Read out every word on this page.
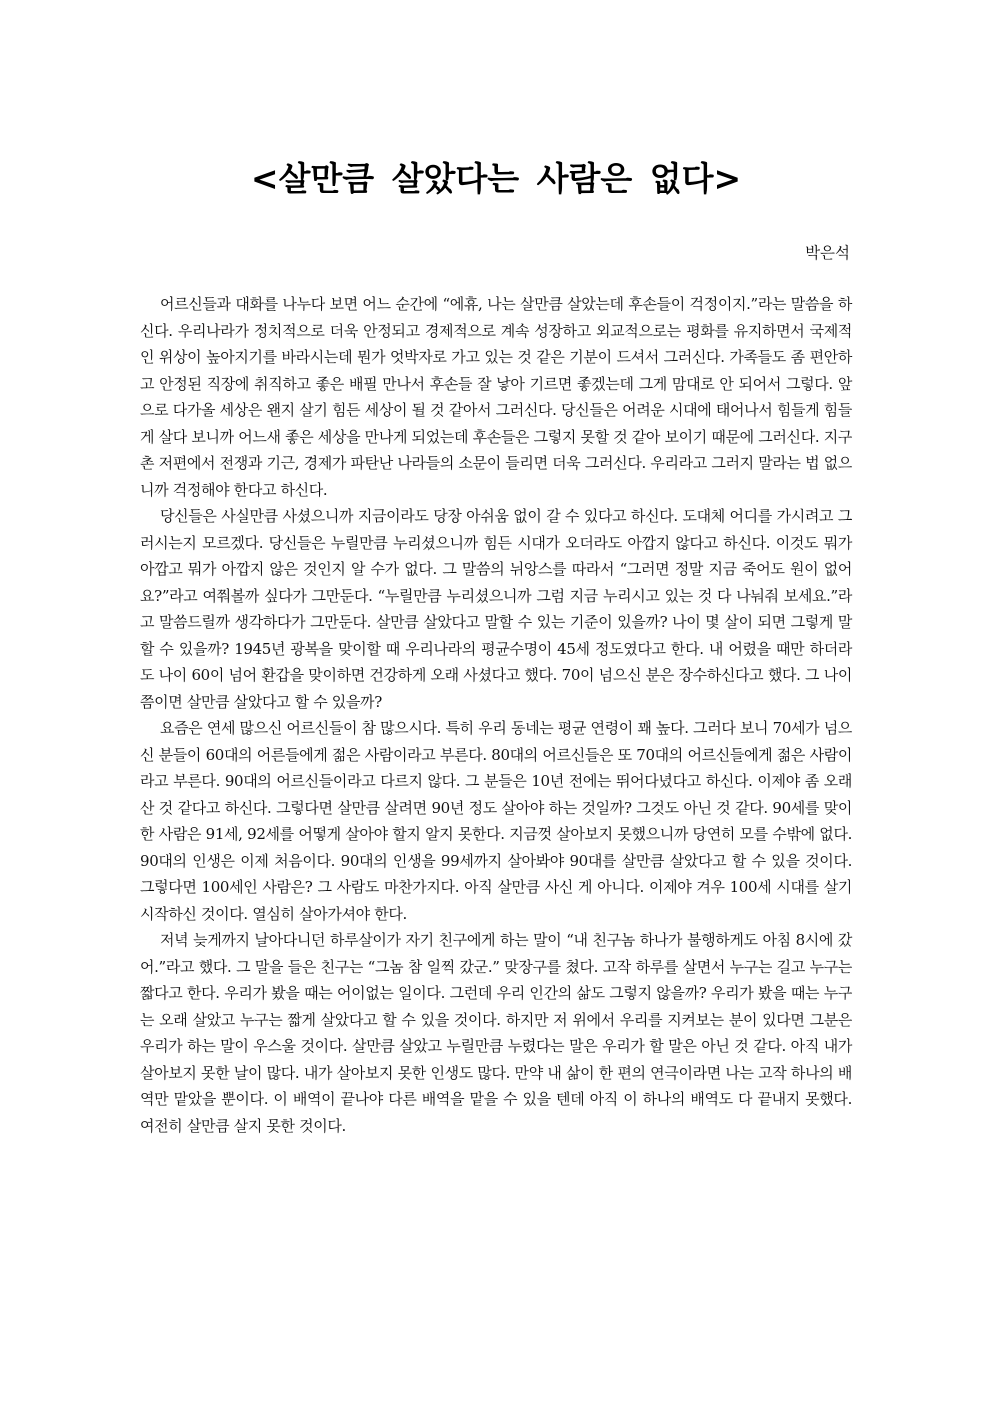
<살만큼 살았다는 사람은 없다>

박은석

어르신들과 대화를 나누다 보면 어느 순간에 “에휴, 나는 살만큼 살았는데 후손들이 걱정이지.”라는 말씀을 하신다. 우리나라가 정치적으로 더욱 안정되고 경제적으로 계속 성장하고 외교적으로는 평화를 유지하면서 국제적인 위상이 높아지기를 바라시는데 뭔가 엇박자로 가고 있는 것 같은 기분이 드셔서 그러신다. 가족들도 좀 편안하고 안정된 직장에 취직하고 좋은 배필 만나서 후손들 잘 낳아 기르면 좋겠는데 그게 맘대로 안 되어서 그렇다. 앞으로 다가올 세상은 왠지 살기 힘든 세상이 될 것 같아서 그러신다. 당신들은 어려운 시대에 태어나서 힘들게 힘들게 살다 보니까 어느새 좋은 세상을 만나게 되었는데 후손들은 그렇지 못할 것 같아 보이기 때문에 그러신다. 지구촌 저편에서 전쟁과 기근, 경제가 파탄난 나라들의 소문이 들리면 더욱 그러신다. 우리라고 그러지 말라는 법 없으니까 걱정해야 한다고 하신다.

당신들은 사실만큼 사셨으니까 지금이라도 당장 아쉬움 없이 갈 수 있다고 하신다. 도대체 어디를 가시려고 그러시는지 모르겠다. 당신들은 누릴만큼 누리셨으니까 힘든 시대가 오더라도 아깝지 않다고 하신다. 이것도 뭐가 아깝고 뭐가 아깝지 않은 것인지 알 수가 없다. 그 말씀의 뉘앙스를 따라서 “그러면 정말 지금 죽어도 원이 없어요?”라고 여쭤볼까 싶다가 그만둔다. “누릴만큼 누리셨으니까 그럼 지금 누리시고 있는 것 다 나눠줘 보세요.”라고 말씀드릴까 생각하다가 그만둔다. 살만큼 살았다고 말할 수 있는 기준이 있을까? 나이 몇 살이 되면 그렇게 말할 수 있을까? 1945년 광복을 맞이할 때 우리나라의 평균수명이 45세 정도였다고 한다. 내 어렸을 때만 하더라도 나이 60이 넘어 환갑을 맞이하면 건강하게 오래 사셨다고 했다. 70이 넘으신 분은 장수하신다고 했다. 그 나이쯤이면 살만큼 살았다고 할 수 있을까?

요즘은 연세 많으신 어르신들이 참 많으시다. 특히 우리 동네는 평균 연령이 꽤 높다. 그러다 보니 70세가 넘으신 분들이 60대의 어른들에게 젊은 사람이라고 부른다. 80대의 어르신들은 또 70대의 어르신들에게 젊은 사람이라고 부른다. 90대의 어르신들이라고 다르지 않다. 그 분들은 10년 전에는 뛰어다녔다고 하신다. 이제야 좀 오래 산 것 같다고 하신다. 그렇다면 살만큼 살려면 90년 정도 살아야 하는 것일까? 그것도 아닌 것 같다. 90세를 맞이한 사람은 91세, 92세를 어떻게 살아야 할지 알지 못한다. 지금껏 살아보지 못했으니까 당연히 모를 수밖에 없다. 90대의 인생은 이제 처음이다. 90대의 인생을 99세까지 살아봐야 90대를 살만큼 살았다고 할 수 있을 것이다. 그렇다면 100세인 사람은? 그 사람도 마찬가지다. 아직 살만큼 사신 게 아니다. 이제야 겨우 100세 시대를 살기 시작하신 것이다. 열심히 살아가셔야 한다.

저녁 늦게까지 날아다니던 하루살이가 자기 친구에게 하는 말이 “내 친구놈 하나가 불행하게도 아침 8시에 갔어.”라고 했다. 그 말을 들은 친구는 “그놈 참 일찍 갔군.” 맞장구를 쳤다. 고작 하루를 살면서 누구는 길고 누구는 짧다고 한다. 우리가 봤을 때는 어이없는 일이다. 그런데 우리 인간의 삶도 그렇지 않을까? 우리가 봤을 때는 누구는 오래 살았고 누구는 짧게 살았다고 할 수 있을 것이다. 하지만 저 위에서 우리를 지켜보는 분이 있다면 그분은 우리가 하는 말이 우스울 것이다. 살만큼 살았고 누릴만큼 누렸다는 말은 우리가 할 말은 아닌 것 같다. 아직 내가 살아보지 못한 날이 많다. 내가 살아보지 못한 인생도 많다. 만약 내 삶이 한 편의 연극이라면 나는 고작 하나의 배역만 맡았을 뿐이다. 이 배역이 끝나야 다른 배역을 맡을 수 있을 텐데 아직 이 하나의 배역도 다 끝내지 못했다. 여전히 살만큼 살지 못한 것이다.
